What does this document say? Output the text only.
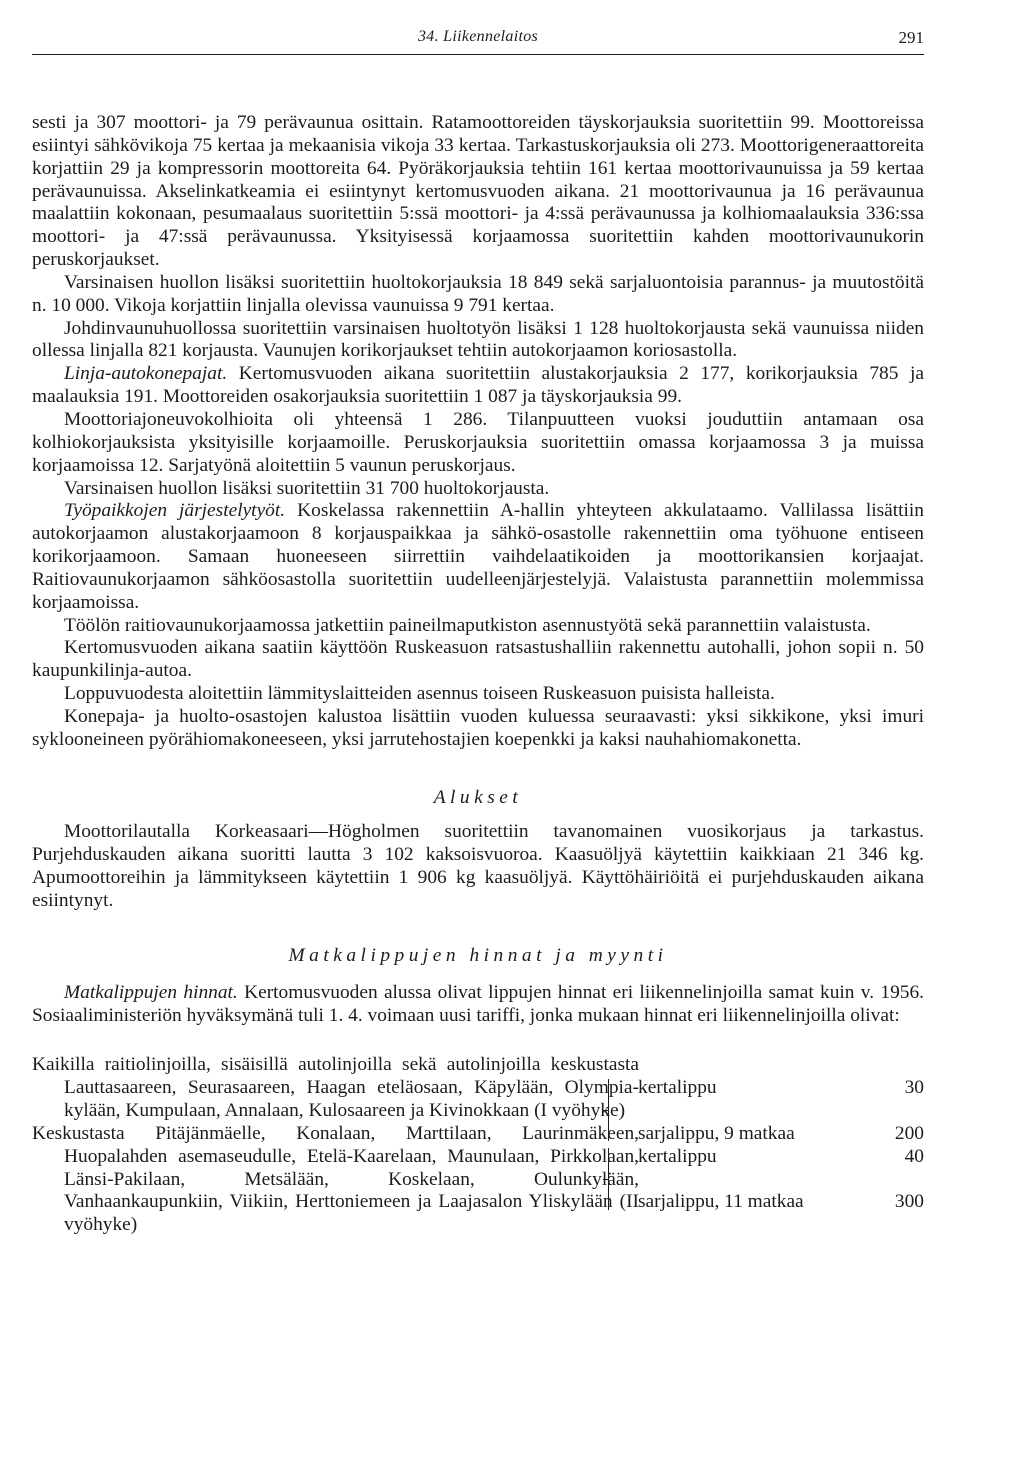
34. Liikennelaitos	291

sesti ja 307 moottori- ja 79 perävaunua osittain. Ratamoottoreiden täyskorjauksia suoritettiin 99. Moottoreissa esiintyi sähkövikoja 75 kertaa ja mekaanisia vikoja 33 kertaa. Tarkastuskorjauksia oli 273. Moottorigeneraattoreita korjattiin 29 ja kompressorin moottoreita 64. Pyöräkorjauksia tehtiin 161 kertaa moottorivaunuissa ja 59 kertaa perävaunuissa. Akselinkatkeamia ei esiintynyt kertomusvuoden aikana. 21 moottorivaunua ja 16 perävaunua maalattiin kokonaan, pesumaalaus suoritettiin 5:ssä moottori- ja 4:ssä perävaunussa ja kolhiomaalauksia 336:ssa moottori- ja 47:ssä perävaunussa. Yksityisessä korjaamossa suoritettiin kahden moottorivaunukorin peruskorjaukset.

Varsinaisen huollon lisäksi suoritettiin huoltokorjauksia 18 849 sekä sarjaluontoisia parannus- ja muutostöitä n. 10 000. Vikoja korjattiin linjalla olevissa vaunuissa 9 791 kertaa.

Johdinvaunuhuollossa suoritettiin varsinaisen huoltotyön lisäksi 1 128 huoltokorjausta sekä vaunuissa niiden ollessa linjalla 821 korjausta. Vaunujen korikorjaukset tehtiin autokorjaamon koriosastolla.

Linja-autokonepajat. Kertomusvuoden aikana suoritettiin alustakorjauksia 2 177, korikorjauksia 785 ja maalauksia 191. Moottoreiden osakorjauksia suoritettiin 1 087 ja täyskorjauksia 99.

Moottoriajoneuvokolhioita oli yhteensä 1 286. Tilanpuutteen vuoksi jouduttiin antamaan osa kolhiokorjauksista yksityisille korjaamoille. Peruskorjauksia suoritettiin omassa korjaamossa 3 ja muissa korjaamoissa 12. Sarjatyönä aloitettiin 5 vaunun peruskorjaus.

Varsinaisen huollon lisäksi suoritettiin 31 700 huoltokorjausta.

Työpaikkojen järjestelytyöt. Koskelassa rakennettiin A-hallin yhteyteen akkulataamo. Vallilassa lisättiin autokorjaamon alustakorjaamoon 8 korjauspaikkaa ja sähkö-osastolle rakennettiin oma työhuone entiseen korikorjaamoon. Samaan huoneeseen siirrettiin vaihdelaatikoiden ja moottorikansien korjaajat. Raitiovaunukorjaamon sähköosastolla suoritettiin uudelleenjärjestelyjä. Valaistusta parannettiin molemmissa korjaamoissa.

Töölön raitiovaunukorjaamossa jatkettiin paineilmaputkiston asennustyötä sekä parannettiin valaistusta.

Kertomusvuoden aikana saatiin käyttöön Ruskeasuon ratsastushalliin rakennettu autohalli, johon sopii n. 50 kaupunkilinja-autoa.

Loppuvuodesta aloitettiin lämmityslaitteiden asennus toiseen Ruskeasuon puisista halleista.

Konepaja- ja huolto-osastojen kalustoa lisättiin vuoden kuluessa seuraavasti: yksi sikkikone, yksi imuri syklooneineen pyörähiomakoneeseen, yksi jarrutehostajien koepenkki ja kaksi nauhahiomakonetta.

Alukset

Moottorilautalla Korkeasaari—Högholmen suoritettiin tavanomainen vuosikorjaus ja tarkastus. Purjehduskauden aikana suoritti lautta 3 102 kaksoisvuoroa. Kaasuöljyä käytettiin kaikkiaan 21 346 kg. Apumoottoreihin ja lämmitykseen käytettiin 1 906 kg kaasuöljyä. Käyttöhäiriöitä ei purjehduskauden aikana esiintynyt.

Matkalippujen hinnat ja myynti

Matkalippujen hinnat. Kertomusvuoden alussa olivat lippujen hinnat eri liikennelinjoilla samat kuin v. 1956. Sosiaaliministeriön hyväksymänä tuli 1. 4. voimaan uusi tariffi, jonka mukaan hinnat eri liikennelinjoilla olivat:

Kaikilla raitiolinjoilla, sisäisillä autolinjoilla sekä autolinjoilla keskustasta Lauttasaareen, Seurasaareen, Haagan eteläosaan, Käpylään, Olympiakylään, Kumpulaan, Annalaan, Kulosaareen ja Kivinokkaan (I vyöhyke)
kertalippu	30
sarjalippu, 9 matkaa	200
Keskustasta Pitäjänmäelle, Konalaan, Marttilaan, Laurinmäkeen, Huopalahden asemaseudulle, Etelä-Kaarelaan, Maunulaan, Pirkkolaan, Länsi-Pakilaan, Metsälään, Koskelaan, Oulunkylään, Vanhaankaupunkiin, Viikiin, Herttoniemeen ja Laajasalon Yliskylään (II vyöhyke)
kertalippu	40
sarjalippu, 11 matkaa	300
